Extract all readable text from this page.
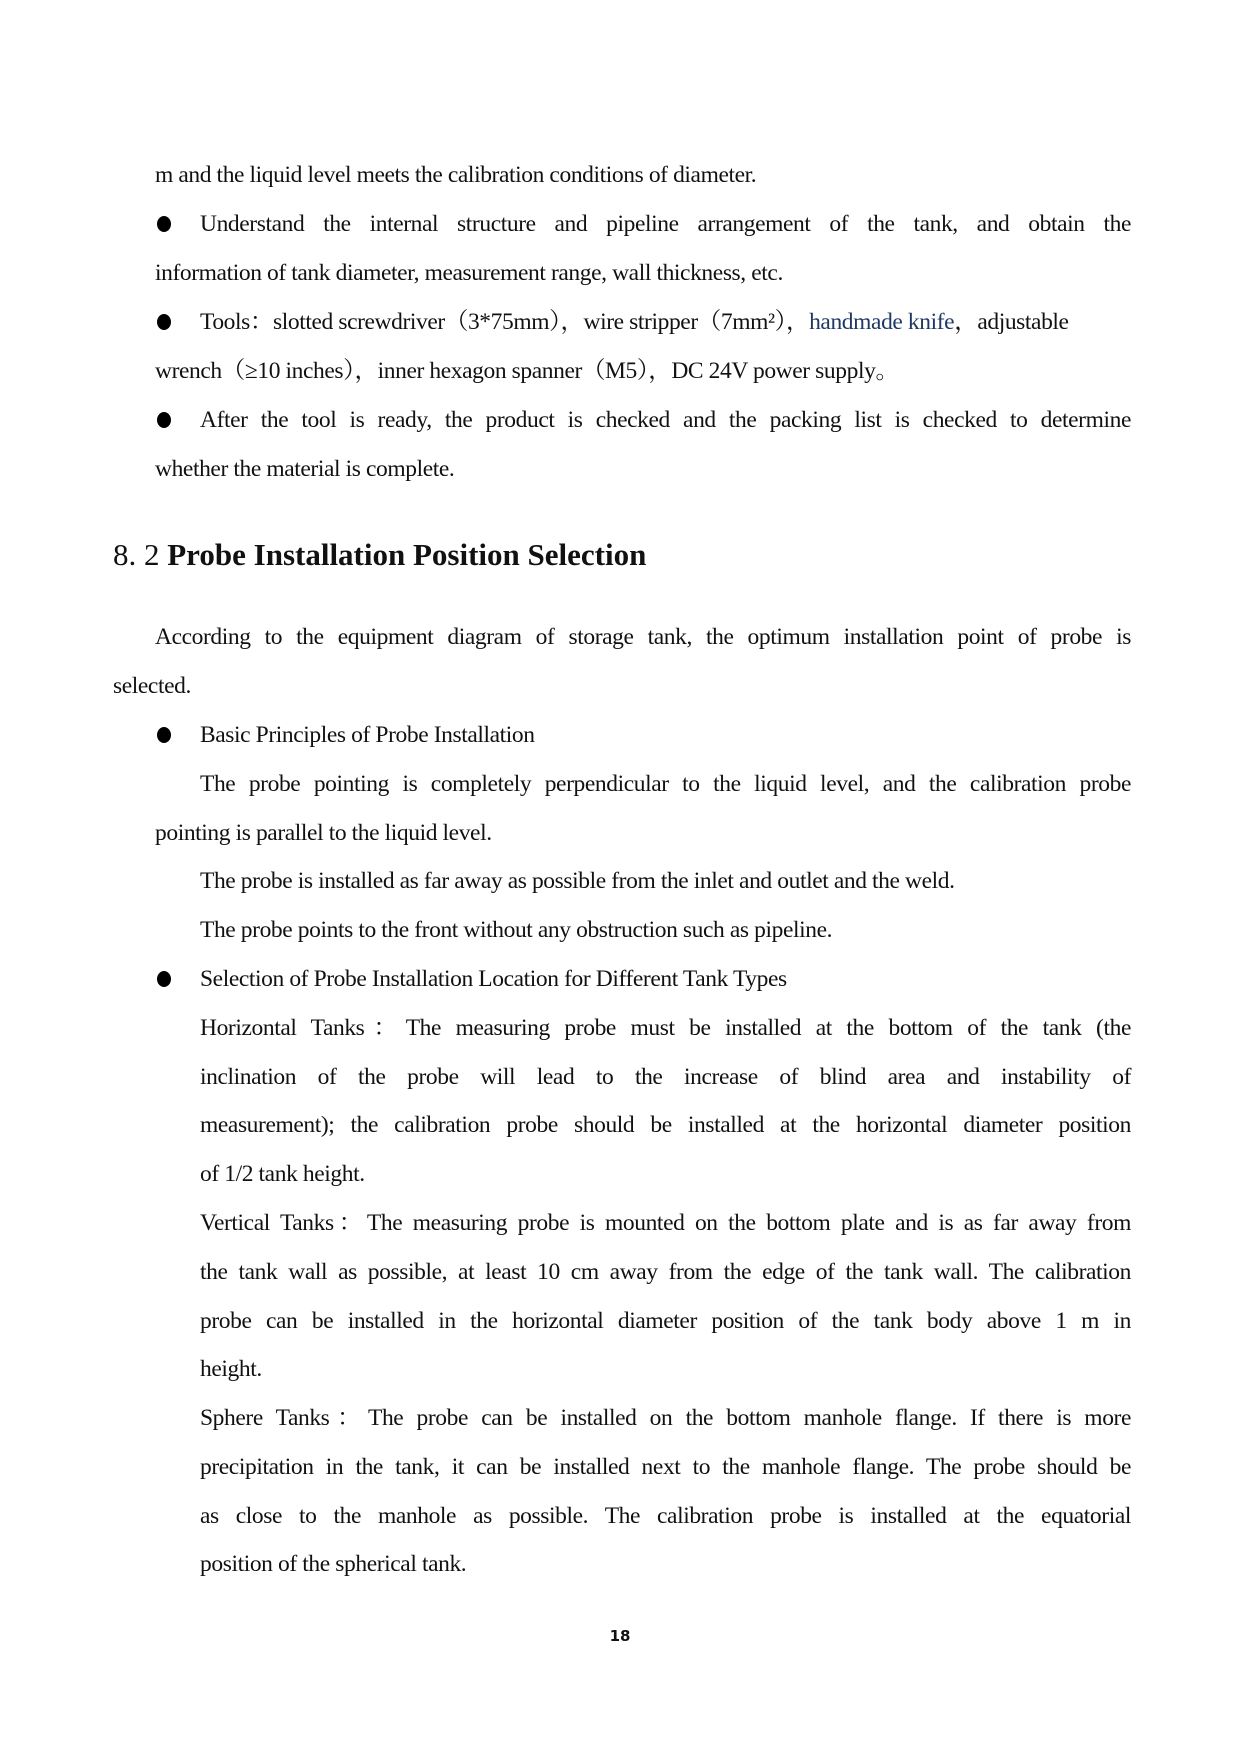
m and the liquid level meets the calibration conditions of diameter.
Understand the internal structure and pipeline arrangement of the tank, and obtain the
information of tank diameter, measurement range, wall thickness, etc.
Tools：slotted screwdriver（3*75mm），wire stripper（7mm²），handmade knife，adjustable
wrench（≥10 inches），inner hexagon spanner（M5），DC 24V power supply。
After the tool is ready, the product is checked and the packing list is checked to determine
whether the material is complete.
8. 2 Probe Installation Position Selection
According to the equipment diagram of storage tank, the optimum installation point of probe is
selected.
Basic Principles of Probe Installation
The probe pointing is completely perpendicular to the liquid level, and the calibration probe
pointing is parallel to the liquid level.
The probe is installed as far away as possible from the inlet and outlet and the weld.
The probe points to the front without any obstruction such as pipeline.
Selection of Probe Installation Location for Different Tank Types
Horizontal Tanks：The measuring probe must be installed at the bottom of the tank (the
inclination of the probe will lead to the increase of blind area and instability of
measurement); the calibration probe should be installed at the horizontal diameter position
of 1/2 tank height.
Vertical Tanks：The measuring probe is mounted on the bottom plate and is as far away from
the tank wall as possible, at least 10 cm away from the edge of the tank wall. The calibration
probe can be installed in the horizontal diameter position of the tank body above 1 m in
height.
Sphere Tanks：The probe can be installed on the bottom manhole flange. If there is more
precipitation in the tank, it can be installed next to the manhole flange. The probe should be
as close to the manhole as possible. The calibration probe is installed at the equatorial
position of the spherical tank.
18
